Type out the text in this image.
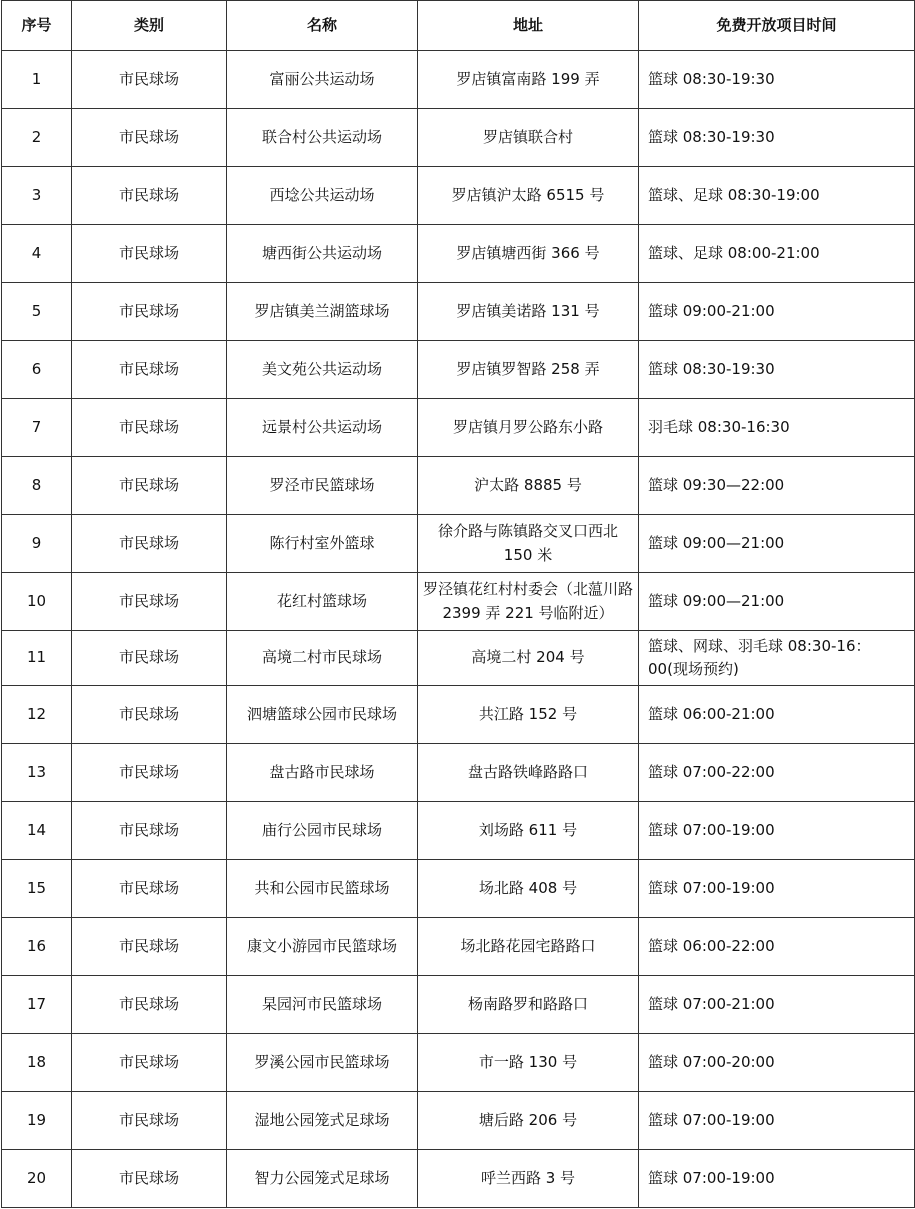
序号	类别	名称	地址	免费开放项目时间
1	市民球场	富丽公共运动场	罗店镇富南路 199 弄	篮球 08:30-19:30
2	市民球场	联合村公共运动场	罗店镇联合村	篮球 08:30-19:30
3	市民球场	西埝公共运动场	罗店镇沪太路 6515 号	篮球、足球 08:30-19:00
4	市民球场	塘西街公共运动场	罗店镇塘西街 366 号	篮球、足球 08:00-21:00
5	市民球场	罗店镇美兰湖篮球场	罗店镇美诺路 131 号	篮球 09:00-21:00
6	市民球场	美文苑公共运动场	罗店镇罗智路 258 弄	篮球 08:30-19:30
7	市民球场	远景村公共运动场	罗店镇月罗公路东小路	羽毛球 08:30-16:30
8	市民球场	罗泾市民篮球场	沪太路 8885 号	篮球 09:30—22:00
9	市民球场	陈行村室外篮球	徐介路与陈镇路交叉口西北 150 米	篮球 09:00—21:00
10	市民球场	花红村篮球场	罗泾镇花红村村委会（北蕰川路 2399 弄 221 号临附近）	篮球 09:00—21:00
11	市民球场	高境二村市民球场	高境二村 204 号	篮球、网球、羽毛球 08:30-16：00(现场预约)
12	市民球场	泗塘篮球公园市民球场	共江路 152 号	篮球 06:00-21:00
13	市民球场	盘古路市民球场	盘古路铁峰路路口	篮球 07:00-22:00
14	市民球场	庙行公园市民球场	刘场路 611 号	篮球 07:00-19:00
15	市民球场	共和公园市民篮球场	场北路 408 号	篮球 07:00-19:00
16	市民球场	康文小游园市民篮球场	场北路花园宅路路口	篮球 06:00-22:00
17	市民球场	杲园河市民篮球场	杨南路罗和路路口	篮球 07:00-21:00
18	市民球场	罗溪公园市民篮球场	市一路 130 号	篮球 07:00-20:00
19	市民球场	湿地公园笼式足球场	塘后路 206 号	篮球 07:00-19:00
20	市民球场	智力公园笼式足球场	呼兰西路 3 号	篮球 07:00-19:00
